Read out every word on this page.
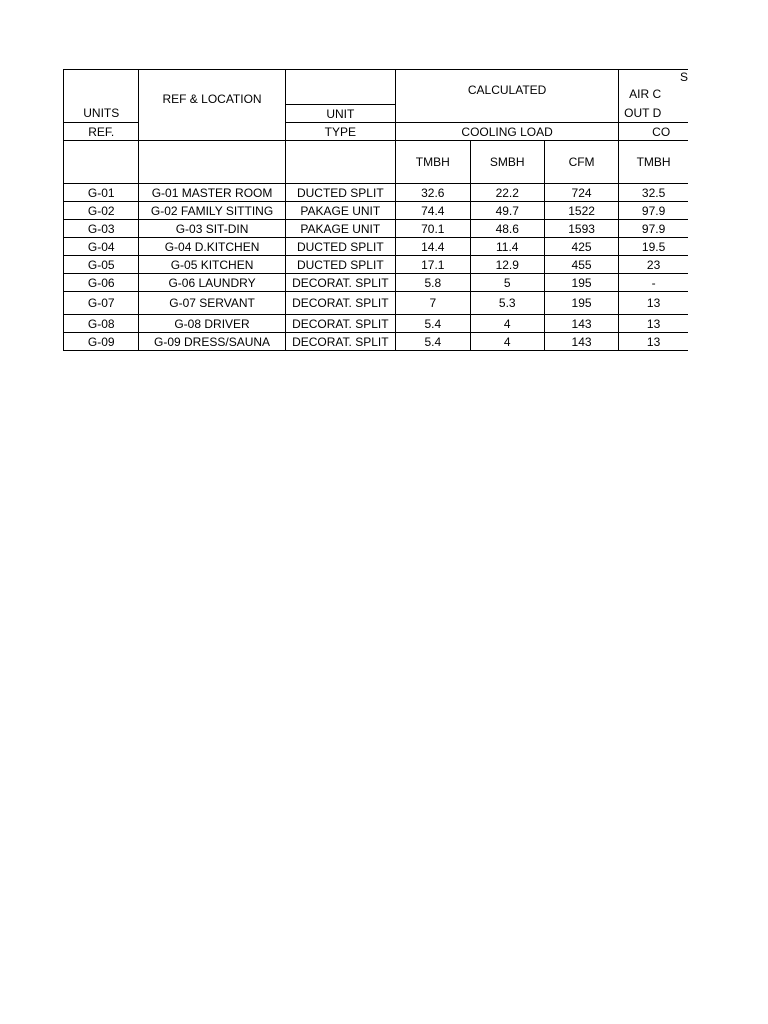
	REF & LOCATION		CALCULATED			S
AIR C

UNITS		UNIT				OUT D
REF.		TYPE	COOLING LOAD			CO
			TMBH	SMBH	CFM	TMBH
G-01	G-01 MASTER ROOM	DUCTED SPLIT	32.6	22.2	724	32.5
G-02	G-02 FAMILY SITTING	PAKAGE UNIT	74.4	49.7	1522	97.9
G-03	G-03 SIT-DIN	PAKAGE UNIT	70.1	48.6	1593	97.9
G-04	G-04 D.KITCHEN	DUCTED SPLIT	14.4	11.4	425	19.5
G-05	G-05 KITCHEN	DUCTED SPLIT	17.1	12.9	455	23
G-06	G-06 LAUNDRY	DECORAT. SPLIT	5.8	5	195	-
G-07	G-07 SERVANT	DECORAT. SPLIT	7	5.3	195	13
G-08	G-08 DRIVER	DECORAT. SPLIT	5.4	4	143	13
G-09	G-09 DRESS/SAUNA	DECORAT. SPLIT	5.4	4	143	13
